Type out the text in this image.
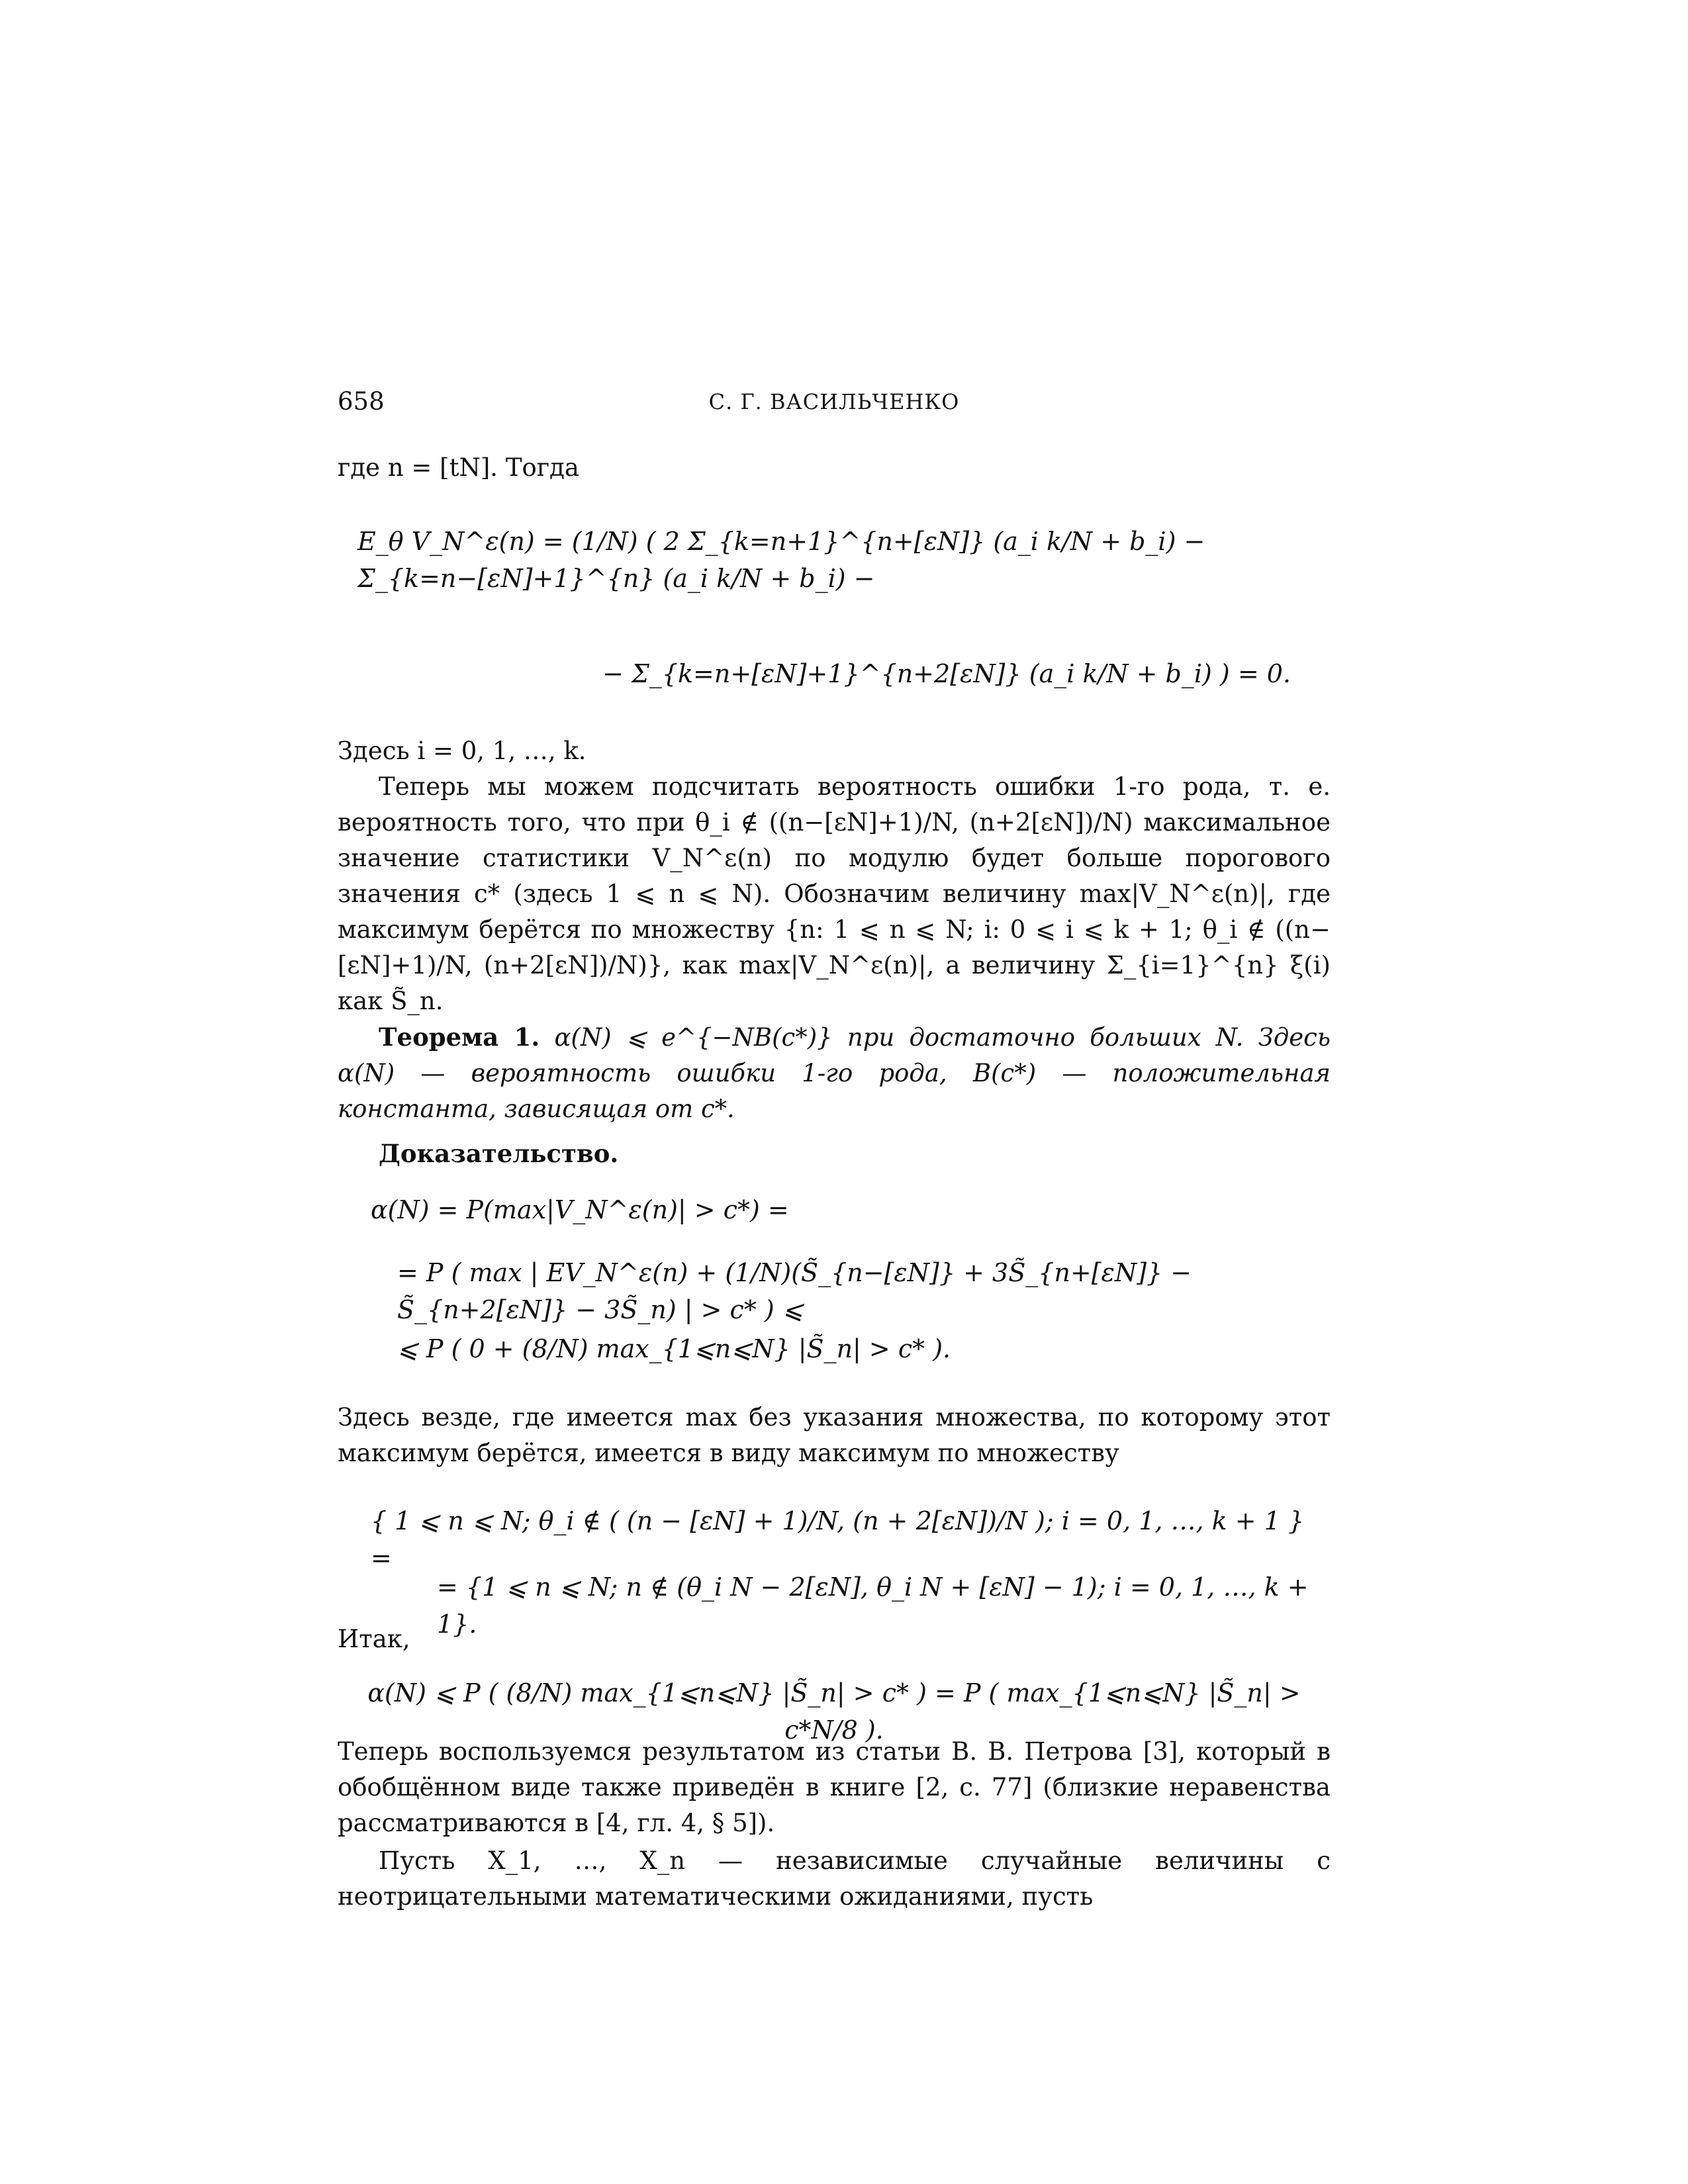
658	С. Г. ВАСИЛЬЧЕНКО
где n = [tN]. Тогда
E_θ V_N^ε(n) = (1/N) ( 2 Σ_{k=n+1}^{n+[εN]} (a_i k/N + b_i) − Σ_{k=n−[εN]+1}^{n} (a_i k/N + b_i) −
− Σ_{k=n+[εN]+1}^{n+2[εN]} (a_i k/N + b_i) ) = 0.
Здесь i = 0, 1, …, k.
Теперь мы можем подсчитать вероятность ошибки 1-го рода, т. е. вероятность того, что при θ_i ∉ ((n−[εN]+1)/N, (n+2[εN])/N) максимальное значение статистики V_N^ε(n) по модулю будет больше порогового значения c* (здесь 1 ⩽ n ⩽ N). Обозначим величину max|V_N^ε(n)|, где максимум берётся по множеству {n: 1 ⩽ n ⩽ N; i: 0 ⩽ i ⩽ k + 1; θ_i ∉ ((n−[εN]+1)/N, (n+2[εN])/N)}, как max|V_N^ε(n)|, а величину Σ_{i=1}^{n} ξ(i) как S̃_n.
Теорема 1. α(N) ⩽ e^{−NB(c*)} при достаточно больших N. Здесь α(N) — вероятность ошибки 1-го рода, B(c*) — положительная константа, зависящая от c*.
Доказательство.
α(N) = P(max|V_N^ε(n)| > c*) =
= P ( max | EV_N^ε(n) + (1/N)(S̃_{n−[εN]} + 3S̃_{n+[εN]} − S̃_{n+2[εN]} − 3S̃_n) | > c* ) ⩽
⩽ P ( 0 + (8/N) max_{1⩽n⩽N} |S̃_n| > c* ).
Здесь везде, где имеется max без указания множества, по которому этот максимум берётся, имеется в виду максимум по множеству
{ 1 ⩽ n ⩽ N; θ_i ∉ ( (n − [εN] + 1)/N, (n + 2[εN])/N ); i = 0, 1, …, k + 1 } =
= {1 ⩽ n ⩽ N; n ∉ (θ_i N − 2[εN], θ_i N + [εN] − 1); i = 0, 1, …, k + 1}.
Итак,
α(N) ⩽ P ( (8/N) max_{1⩽n⩽N} |S̃_n| > c* ) = P ( max_{1⩽n⩽N} |S̃_n| > c*N/8 ).
Теперь воспользуемся результатом из статьи В. В. Петрова [3], который в обобщённом виде также приведён в книге [2, с. 77] (близкие неравенства рассматриваются в [4, гл. 4, § 5]).
Пусть X_1, …, X_n — независимые случайные величины с неотрицательными математическими ожиданиями, пусть
